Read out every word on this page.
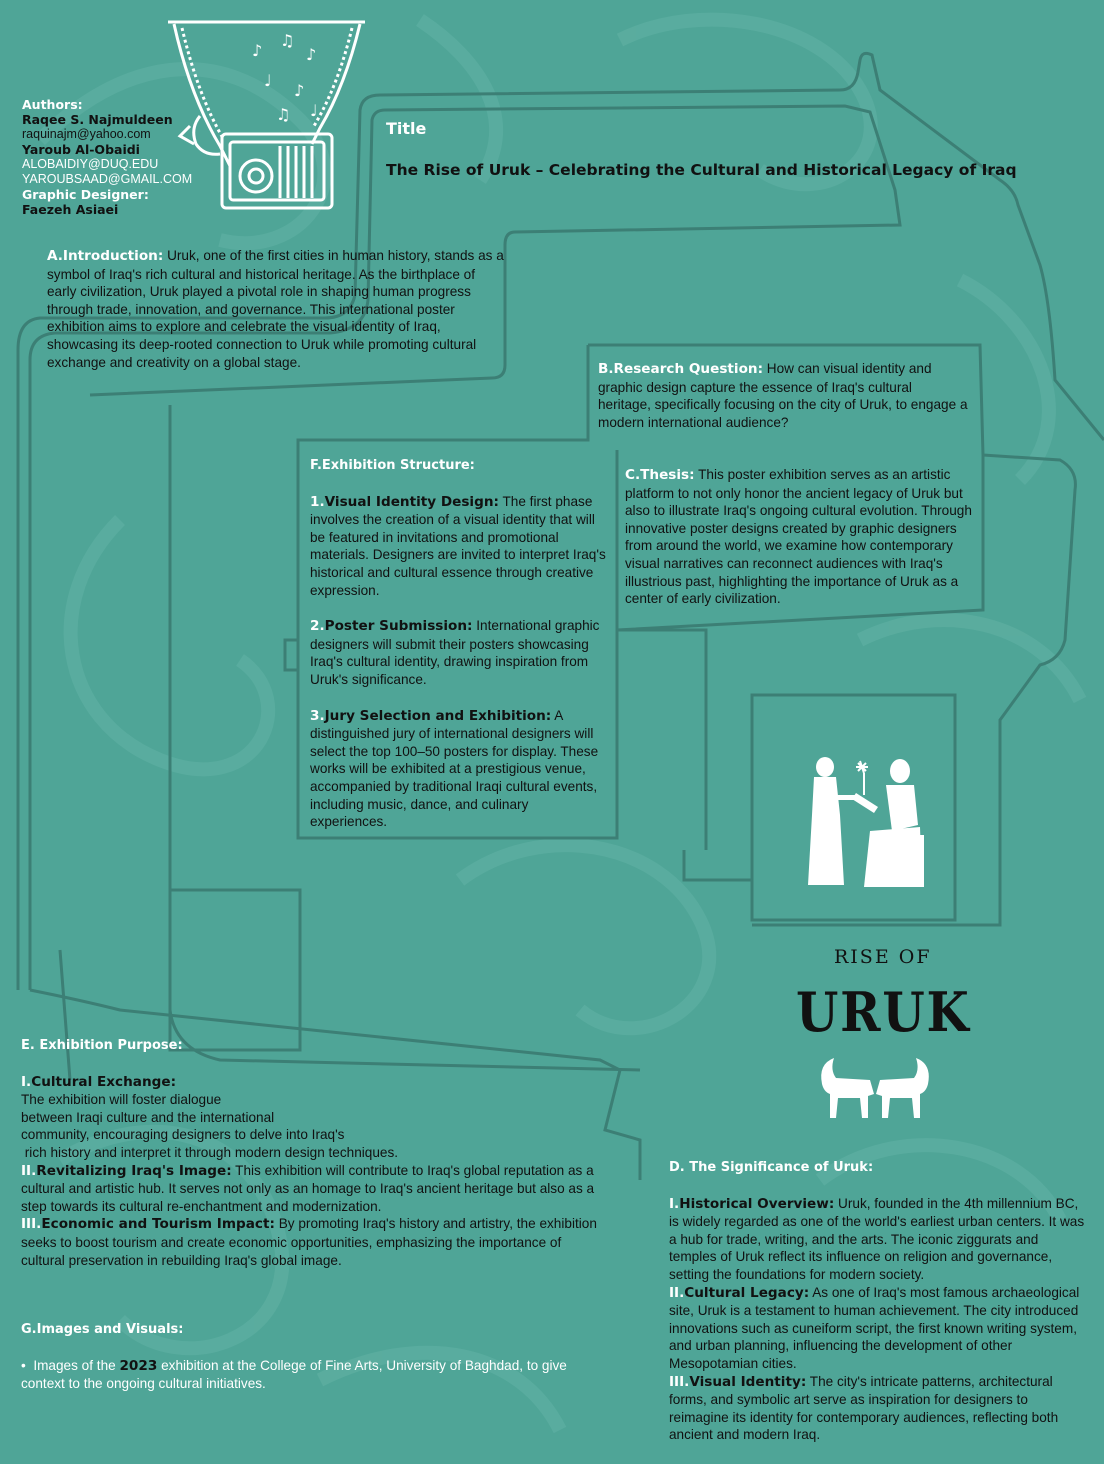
♪
♫
♪
♩
♪
♫ ♩
Authors:
Raqee S. Najmuldeen
raquinajm@yahoo.com
Yaroub Al-Obaidi
ALOBAIDIY@DUQ.EDU
YAROUBSAAD@GMAIL.COM
Graphic Designer:
Faezeh Asiaei
Title
The Rise of Uruk – Celebrating the Cultural and Historical Legacy of Iraq

A.Introduction: Uruk, one of the first cities in human history, stands as a symbol of Iraq's rich cultural and historical heritage. As the birthplace of early civilization, Uruk played a pivotal role in shaping human progress through trade, innovation, and governance. This international poster exhibition aims to explore and celebrate the visual identity of Iraq, showcasing its deep-rooted connection to Uruk while promoting cultural exchange and creativity on a global stage.	B.Research Question: How can visual identity and graphic design capture the essence of Iraq's cultural heritage, specifically focusing on the city of Uruk, to engage a modern international audience?

C.Thesis: This poster exhibition serves as an artistic platform to not only honor the ancient legacy of Uruk but also to illustrate Iraq's ongoing cultural evolution. Through innovative poster designs created by graphic designers from around the world, we examine how contemporary visual narratives can reconnect audiences with Iraq's illustrious past, highlighting the importance of Uruk as a center of early civilization.

F.Exhibition Structure:

1.Visual Identity Design: The first phase involves the creation of a visual identity that will be featured in invitations and promotional materials. Designers are invited to interpret Iraq's historical and cultural essence through creative expression.

2.Poster Submission: International graphic designers will submit their posters showcasing Iraq's cultural identity, drawing inspiration from Uruk's significance.

3.Jury Selection and Exhibition: A distinguished jury of international designers will select the top 100–50 posters for display. These works will be exhibited at a prestigious venue, accompanied by traditional Iraqi cultural events, including music, dance, and culinary experiences.

RISE OF
URUK
E. Exhibition Purpose:
I.Cultural Exchange:
The exhibition will foster dialogue
between Iraqi culture and the international
community, encouraging designers to delve into Iraq's
rich history and interpret it through modern design techniques.

II.Revitalizing Iraq's Image: This exhibition will contribute to Iraq's global reputation as a cultural and artistic hub. It serves not only as an homage to Iraq's ancient heritage but also as a step towards its cultural re-enchantment and modernization.

III.Economic and Tourism Impact: By promoting Iraq's history and artistry, the exhibition seeks to boost tourism and create economic opportunities, emphasizing the importance of cultural preservation in rebuilding Iraq's global image.

G.Images and Visuals:

•  Images of the 2023 exhibition at the College of Fine Arts, University of Baghdad, to give context to the ongoing cultural initiatives.

D. The Significance of Uruk:

I.Historical Overview: Uruk, founded in the 4th millennium BC, is widely regarded as one of the world's earliest urban centers. It was a hub for trade, writing, and the arts. The iconic ziggurats and temples of Uruk reflect its influence on religion and governance, setting the foundations for modern society.

II.Cultural Legacy: As one of Iraq's most famous archaeological site, Uruk is a testament to human achievement. The city introduced innovations such as cuneiform script, the first known writing system, and urban planning, influencing the development of other Mesopotamian cities.

III.Visual Identity: The city's intricate patterns, architectural forms, and symbolic art serve as inspiration for designers to reimagine its identity for contemporary audiences, reflecting both ancient and modern Iraq.
